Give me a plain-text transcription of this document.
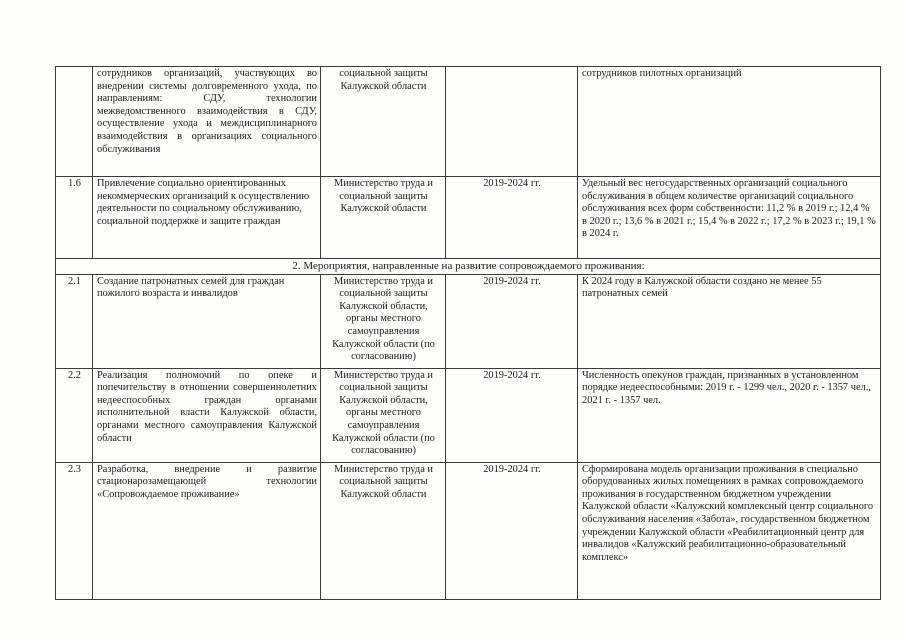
	сотрудников организаций, участвующих во внедрении системы долговременного ухода, по направлениям: СДУ, технологии межведомственного взаимодействия в СДУ, осуществление ухода и междисциплинарного взаимодействия в организациях социального обслуживания	социальной защиты Калужской области		сотрудников пилотных организаций
1.6	Привлечение социально ориентированных некоммерческих организаций к осуществлению деятельности по социальному обслуживанию, социальной поддержке и защите граждан	Министерство труда и социальной защиты Калужской области	2019-2024 гг.	Удельный вес негосударственных организаций социального обслуживания в общем количестве организаций социального обслуживания всех форм собственности: 11,2 % в 2019 г.; 12,4 % в 2020 г.; 13,6 % в 2021 г.; 15,4 % в 2022 г.; 17,2 % в 2023 г.; 19,1 % в 2024 г.
2. Мероприятия, направленные на развитие сопровождаемого проживания:				
2.1	Создание патронатных семей для граждан пожилого возраста и инвалидов	Министерство труда и социальной защиты Калужской области, органы местного самоуправления Калужской области (по согласованию)	2019-2024 гг.	К 2024 году в Калужской области создано не менее 55 патронатных семей
2.2	Реализация полномочий по опеке и попечительству в отношении совершеннолетних недееспособных граждан органами исполнительной власти Калужской области, органами местного самоуправления Калужской области	Министерство труда и социальной защиты Калужской области, органы местного самоуправления Калужской области (по согласованию)	2019-2024 гг.	Численность опекунов граждан, признанных в установленном порядке недееспособными: 2019 г. - 1299 чел., 2020 г. - 1357 чел., 2021 г. - 1357 чел.
2.3	Разработка, внедрение и развитие стационарозамещающей технологии «Сопровождаемое проживание»	Министерство труда и социальной защиты Калужской области	2019-2024 гг.	Сформирована модель организации проживания в специально оборудованных жилых помещениях в рамках сопровождаемого проживания в государственном бюджетном учреждении Калужской области «Калужский комплексный центр социального обслуживания населения «Забота», государственном бюджетном учреждении Калужской области «Реабилитационный центр для инвалидов «Калужский реабилитационно-образовательный комплекс»
